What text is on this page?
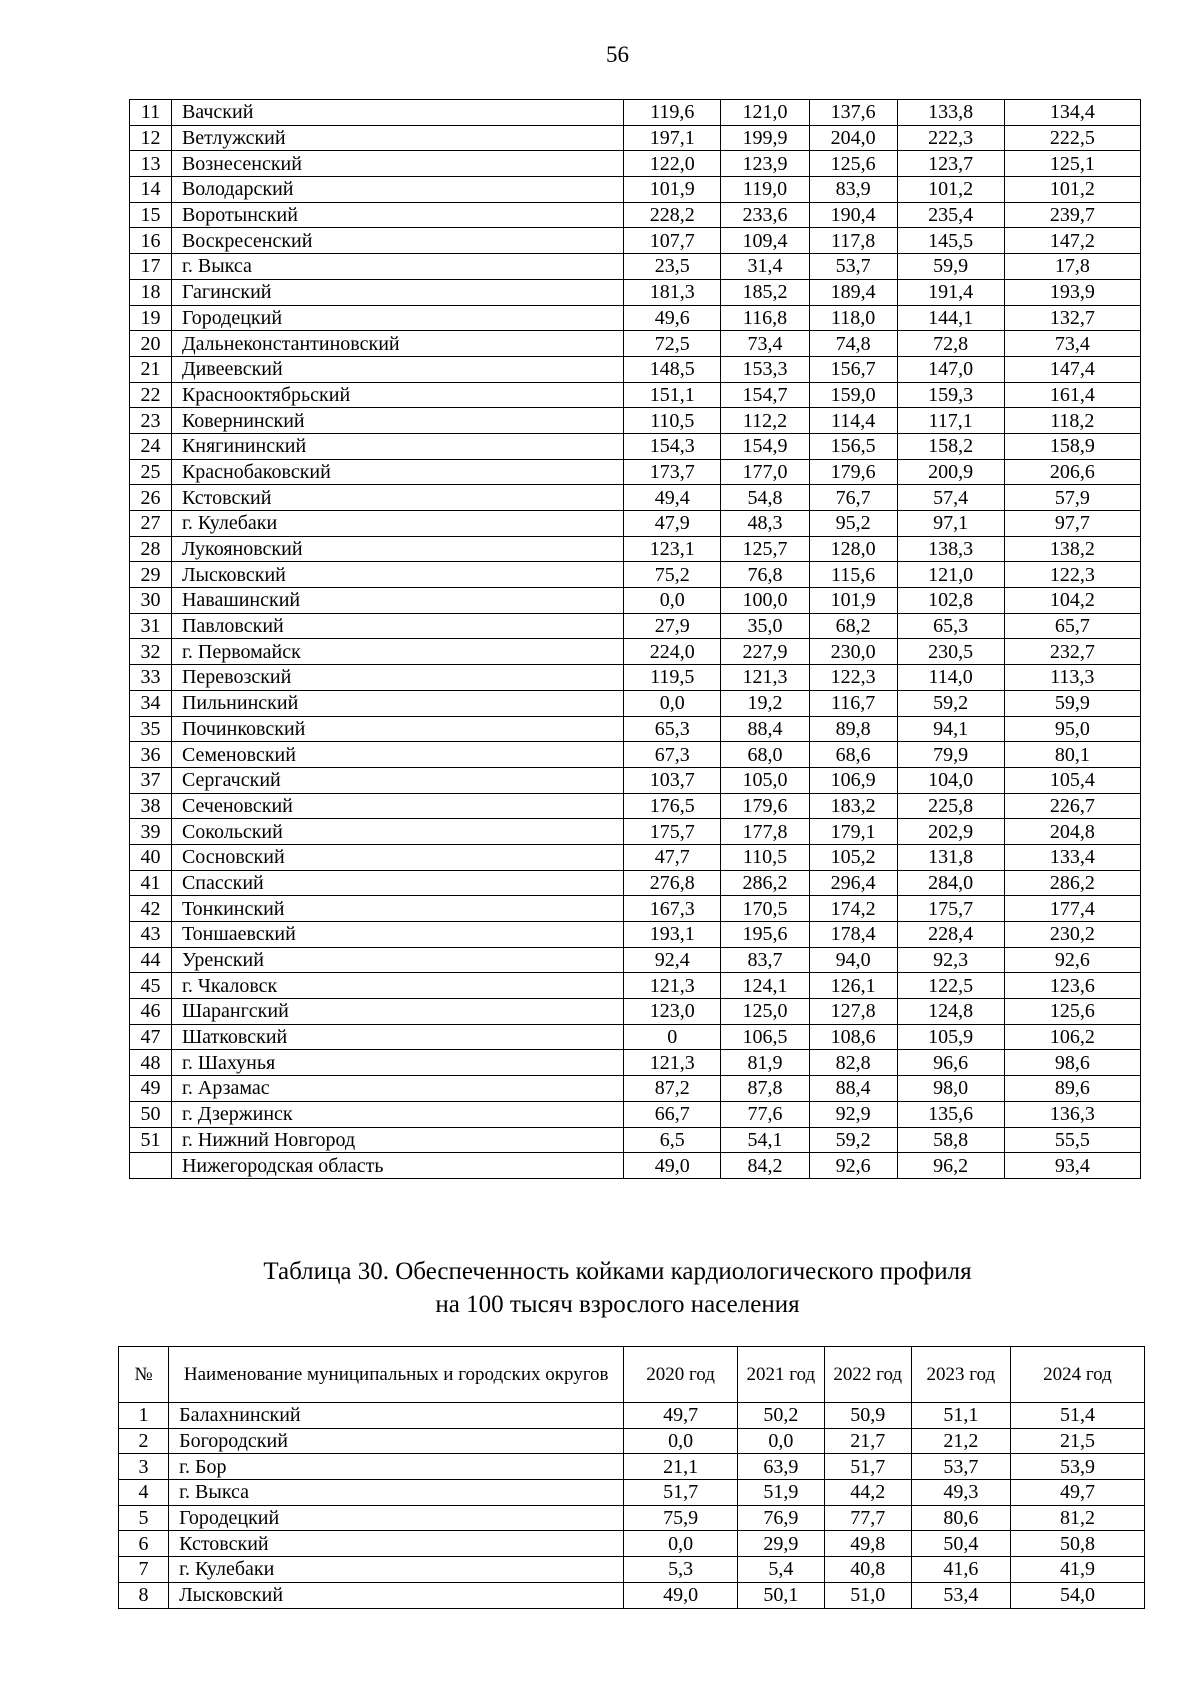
56
11	Вачский	119,6	121,0	137,6	133,8	134,4
12	Ветлужский	197,1	199,9	204,0	222,3	222,5
13	Вознесенский	122,0	123,9	125,6	123,7	125,1
14	Володарский	101,9	119,0	83,9	101,2	101,2
15	Воротынский	228,2	233,6	190,4	235,4	239,7
16	Воскресенский	107,7	109,4	117,8	145,5	147,2
17	г. Выкса	23,5	31,4	53,7	59,9	17,8
18	Гагинский	181,3	185,2	189,4	191,4	193,9
19	Городецкий	49,6	116,8	118,0	144,1	132,7
20	Дальнеконстантиновский	72,5	73,4	74,8	72,8	73,4
21	Дивеевский	148,5	153,3	156,7	147,0	147,4
22	Краснооктябрьский	151,1	154,7	159,0	159,3	161,4
23	Ковернинский	110,5	112,2	114,4	117,1	118,2
24	Княгининский	154,3	154,9	156,5	158,2	158,9
25	Краснобаковский	173,7	177,0	179,6	200,9	206,6
26	Кстовский	49,4	54,8	76,7	57,4	57,9
27	г. Кулебаки	47,9	48,3	95,2	97,1	97,7
28	Лукояновский	123,1	125,7	128,0	138,3	138,2
29	Лысковский	75,2	76,8	115,6	121,0	122,3
30	Навашинский	0,0	100,0	101,9	102,8	104,2
31	Павловский	27,9	35,0	68,2	65,3	65,7
32	г. Первомайск	224,0	227,9	230,0	230,5	232,7
33	Перевозский	119,5	121,3	122,3	114,0	113,3
34	Пильнинский	0,0	19,2	116,7	59,2	59,9
35	Починковский	65,3	88,4	89,8	94,1	95,0
36	Семеновский	67,3	68,0	68,6	79,9	80,1
37	Сергачский	103,7	105,0	106,9	104,0	105,4
38	Сеченовский	176,5	179,6	183,2	225,8	226,7
39	Сокольский	175,7	177,8	179,1	202,9	204,8
40	Сосновский	47,7	110,5	105,2	131,8	133,4
41	Спасский	276,8	286,2	296,4	284,0	286,2
42	Тонкинский	167,3	170,5	174,2	175,7	177,4
43	Тоншаевский	193,1	195,6	178,4	228,4	230,2
44	Уренский	92,4	83,7	94,0	92,3	92,6
45	г. Чкаловск	121,3	124,1	126,1	122,5	123,6
46	Шарангский	123,0	125,0	127,8	124,8	125,6
47	Шатковский	0	106,5	108,6	105,9	106,2
48	г. Шахунья	121,3	81,9	82,8	96,6	98,6
49	г. Арзамас	87,2	87,8	88,4	98,0	89,6
50	г. Дзержинск	66,7	77,6	92,9	135,6	136,3
51	г. Нижний Новгород	6,5	54,1	59,2	58,8	55,5
	Нижегородская область	49,0	84,2	92,6	96,2	93,4
Таблица 30. Обеспеченность койками кардиологического профиля
на 100 тысяч взрослого населения
№	Наименование муниципальных и городских округов	2020 год	2021 год	2022 год	2023 год	2024 год
1	Балахнинский	49,7	50,2	50,9	51,1	51,4
2	Богородский	0,0	0,0	21,7	21,2	21,5
3	г. Бор	21,1	63,9	51,7	53,7	53,9
4	г. Выкса	51,7	51,9	44,2	49,3	49,7
5	Городецкий	75,9	76,9	77,7	80,6	81,2
6	Кстовский	0,0	29,9	49,8	50,4	50,8
7	г. Кулебаки	5,3	5,4	40,8	41,6	41,9
8	Лысковский	49,0	50,1	51,0	53,4	54,0
